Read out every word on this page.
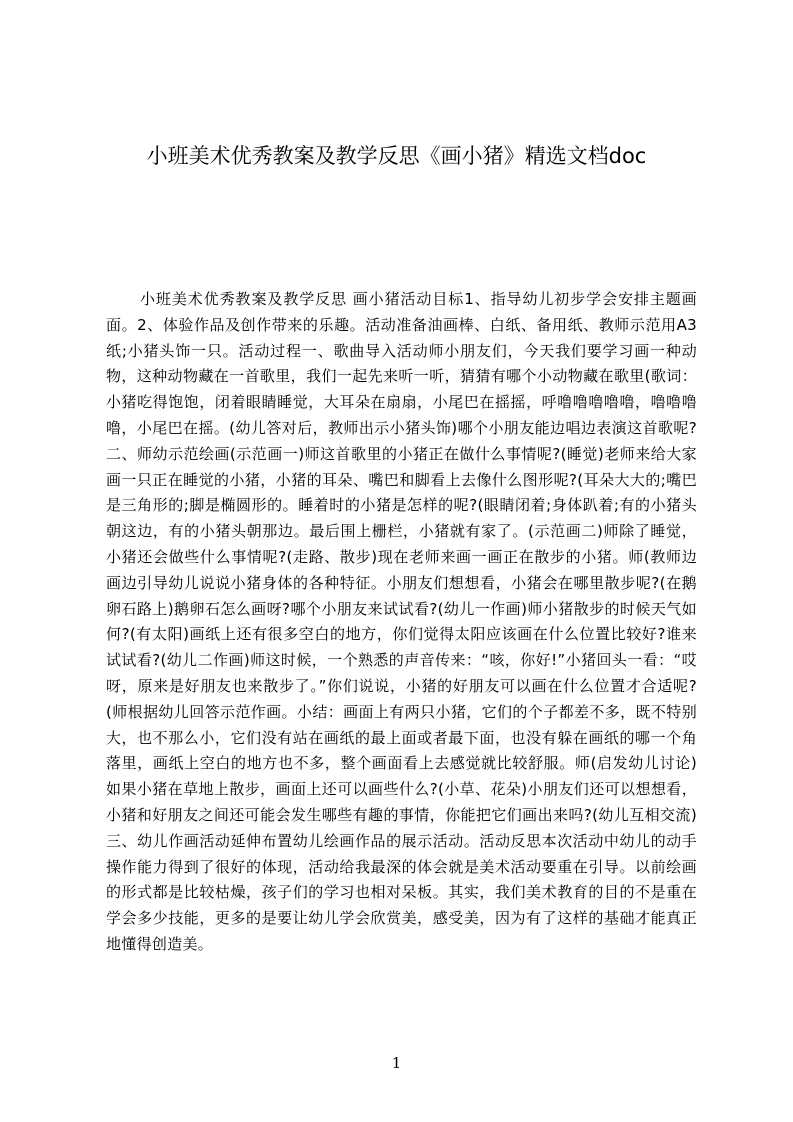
小班美术优秀教案及教学反思《画小猪》精选文档doc

小班美术优秀教案及教学反思 画小猪活动目标1、指导幼儿初步学会安排主题画面。2、体验作品及创作带来的乐趣。活动准备油画棒、白纸、备用纸、教师示范用A3纸;小猪头饰一只。活动过程一、歌曲导入活动师小朋友们，今天我们要学习画一种动物，这种动物藏在一首歌里，我们一起先来听一听，猜猜有哪个小动物藏在歌里(歌词：小猪吃得饱饱，闭着眼睛睡觉，大耳朵在扇扇，小尾巴在摇摇，呼噜噜噜噜噜，噜噜噜噜，小尾巴在摇。(幼儿答对后，教师出示小猪头饰)哪个小朋友能边唱边表演这首歌呢?二、师幼示范绘画(示范画一)师这首歌里的小猪正在做什么事情呢?(睡觉)老师来给大家画一只正在睡觉的小猪，小猪的耳朵、嘴巴和脚看上去像什么图形呢?(耳朵大大的;嘴巴是三角形的;脚是椭圆形的。睡着时的小猪是怎样的呢?(眼睛闭着;身体趴着;有的小猪头朝这边，有的小猪头朝那边。最后围上栅栏，小猪就有家了。(示范画二)师除了睡觉，小猪还会做些什么事情呢?(走路、散步)现在老师来画一画正在散步的小猪。师(教师边画边引导幼儿说说小猪身体的各种特征。小朋友们想想看，小猪会在哪里散步呢?(在鹅卵石路上)鹅卵石怎么画呀?哪个小朋友来试试看?(幼儿一作画)师小猪散步的时候天气如何?(有太阳)画纸上还有很多空白的地方，你们觉得太阳应该画在什么位置比较好?谁来试试看?(幼儿二作画)师这时候，一个熟悉的声音传来：“咳，你好!”小猪回头一看：“哎呀，原来是好朋友也来散步了。”你们说说，小猪的好朋友可以画在什么位置才合适呢?(师根据幼儿回答示范作画。小结：画面上有两只小猪，它们的个子都差不多，既不特别大，也不那么小，它们没有站在画纸的最上面或者最下面，也没有躲在画纸的哪一个角落里，画纸上空白的地方也不多，整个画面看上去感觉就比较舒服。师(启发幼儿讨论)如果小猪在草地上散步，画面上还可以画些什么?(小草、花朵)小朋友们还可以想想看，小猪和好朋友之间还可能会发生哪些有趣的事情，你能把它们画出来吗?(幼儿互相交流)三、幼儿作画活动延伸布置幼儿绘画作品的展示活动。活动反思本次活动中幼儿的动手操作能力得到了很好的体现，活动给我最深的体会就是美术活动要重在引导。以前绘画的形式都是比较枯燥，孩子们的学习也相对呆板。其实，我们美术教育的目的不是重在学会多少技能，更多的是要让幼儿学会欣赏美，感受美，因为有了这样的基础才能真正地懂得创造美。

1
